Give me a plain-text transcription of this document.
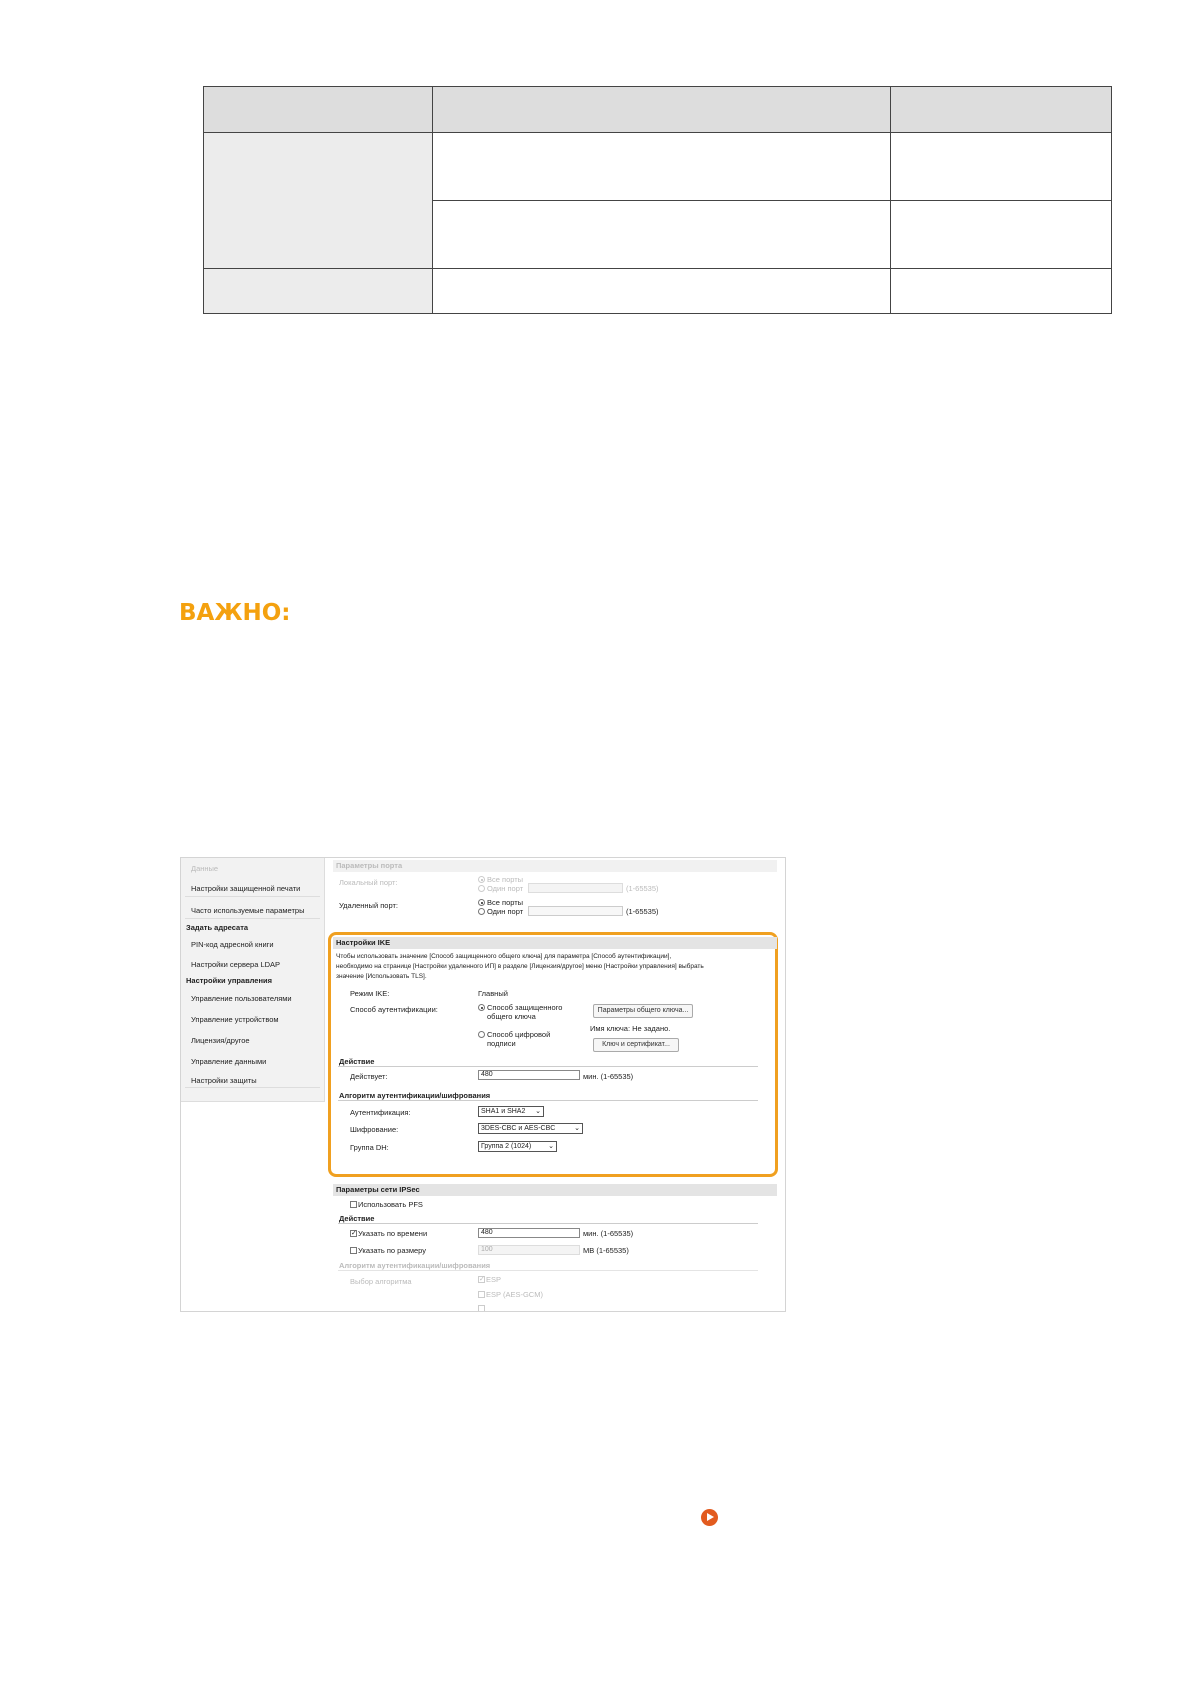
ВАЖНО:
Данные
Настройки защищенной печати
Часто используемые параметры
Задать адресата
PIN-код адресной книги
Настройки сервера LDAP
Настройки управления
Управление пользователями
Управление устройством
Лицензия/другое
Управление данными
Настройки защиты
Параметры порта
Локальный порт:	Все порты
Один порт	(1-65535)
Удаленный порт:	Все порты
Один порт	(1-65535)
Настройки IKE
Чтобы использовать значение [Способ защищенного общего ключа] для параметра [Способ аутентификации],
необходимо на странице [Настройки удаленного ИП] в разделе [Лицензия/другое] меню [Настройки управления] выбрать
значение [Использовать TLS].
Режим IKE:	Главный
Способ аутентификации:	Способ защищенного
общего ключа
Параметры общего ключа...
Способ цифровой
подписи
Имя ключа: Не задано.
Ключ и сертификат...
Действие
Действует:	480	мин. (1-65535)
Алгоритм аутентификации/шифрования
Аутентификация:	SHA1 и SHA2 ⌄
Шифрование:	3DES-CBC и AES-CBC	⌄
Группа DH:	Группа 2 (1024) ⌄
Параметры сети IPSec
Использовать PFS
Действие
✓ Указать по времени	480	мин. (1-65535)
Указать по размеру	100	MB (1-65535)
Алгоритм аутентификации/шифрования
Выбор алгоритма	✓ ESP
ESP (AES-GCM)
